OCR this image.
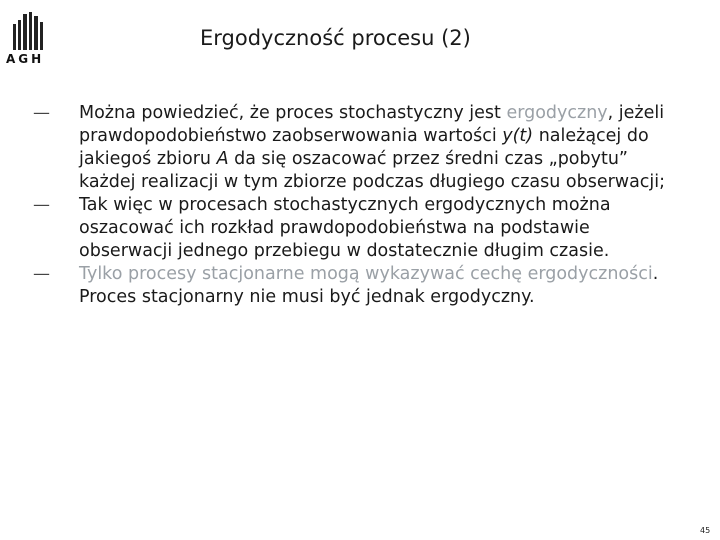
AGH
Ergodyczność procesu (2)
—	Można powiedzieć, że proces stochastyczny jest ergodyczny, jeżeli prawdopodobieństwo zaobserwowania wartości y(t) należącej do jakiegoś zbioru A da się oszacować przez średni czas „pobytu” każdej realizacji w tym zbiorze podczas długiego czasu obserwacji;
—	Tak więc w procesach stochastycznych ergodycznych można oszacować ich rozkład prawdopodobieństwa na podstawie obserwacji jednego przebiegu w dostatecznie długim czasie.
—	Tylko procesy stacjonarne mogą wykazywać cechę ergodyczności. Proces stacjonarny nie musi być jednak ergodyczny.
45
